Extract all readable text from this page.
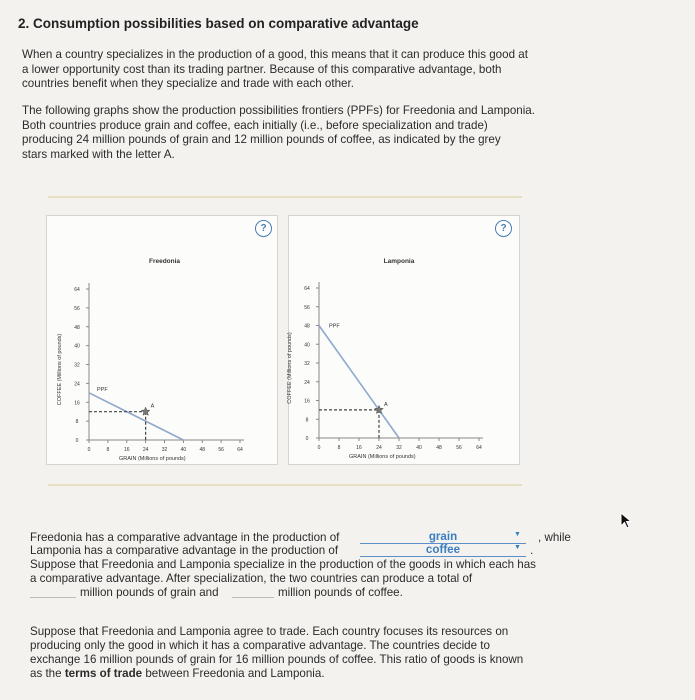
2. Consumption possibilities based on comparative advantage
When a country specializes in the production of a good, this means that it can produce this good at
a lower opportunity cost than its trading partner. Because of this comparative advantage, both
countries benefit when they specialize and trade with each other.
The following graphs show the production possibilities frontiers (PPFs) for Freedonia and Lamponia.
Both countries produce grain and coffee, each initially (i.e., before specialization and trade)
producing 24 million pounds of grain and 12 million pounds of coffee, as indicated by the grey
stars marked with the letter A.
?
Freedonia
0	8	16	24	32	40	48	56	64
0
8
16
24
32
40
48
56
64
GRAIN (Millions of pounds)
COFFEE (Millions of pounds)	PPF
A
?
Lamponia
0	8	16	24	32	40	48	56	64
0
8
16
24
32
40
48
56
64
GRAIN (Millions of pounds)
COFFEE (Millions of pounds)
PPF
A
Freedonia has a comparative advantage in the production of	grain	▼ , while
Lamponia has a comparative advantage in the production of	coffee	▼ .
Suppose that Freedonia and Lamponia specialize in the production of the goods in which each has
a comparative advantage. After specialization, the two countries can produce a total of
million pounds of grain and	million pounds of coffee.
Suppose that Freedonia and Lamponia agree to trade. Each country focuses its resources on
producing only the good in which it has a comparative advantage. The countries decide to
exchange 16 million pounds of grain for 16 million pounds of coffee. This ratio of goods is known
as the terms of trade between Freedonia and Lamponia.
